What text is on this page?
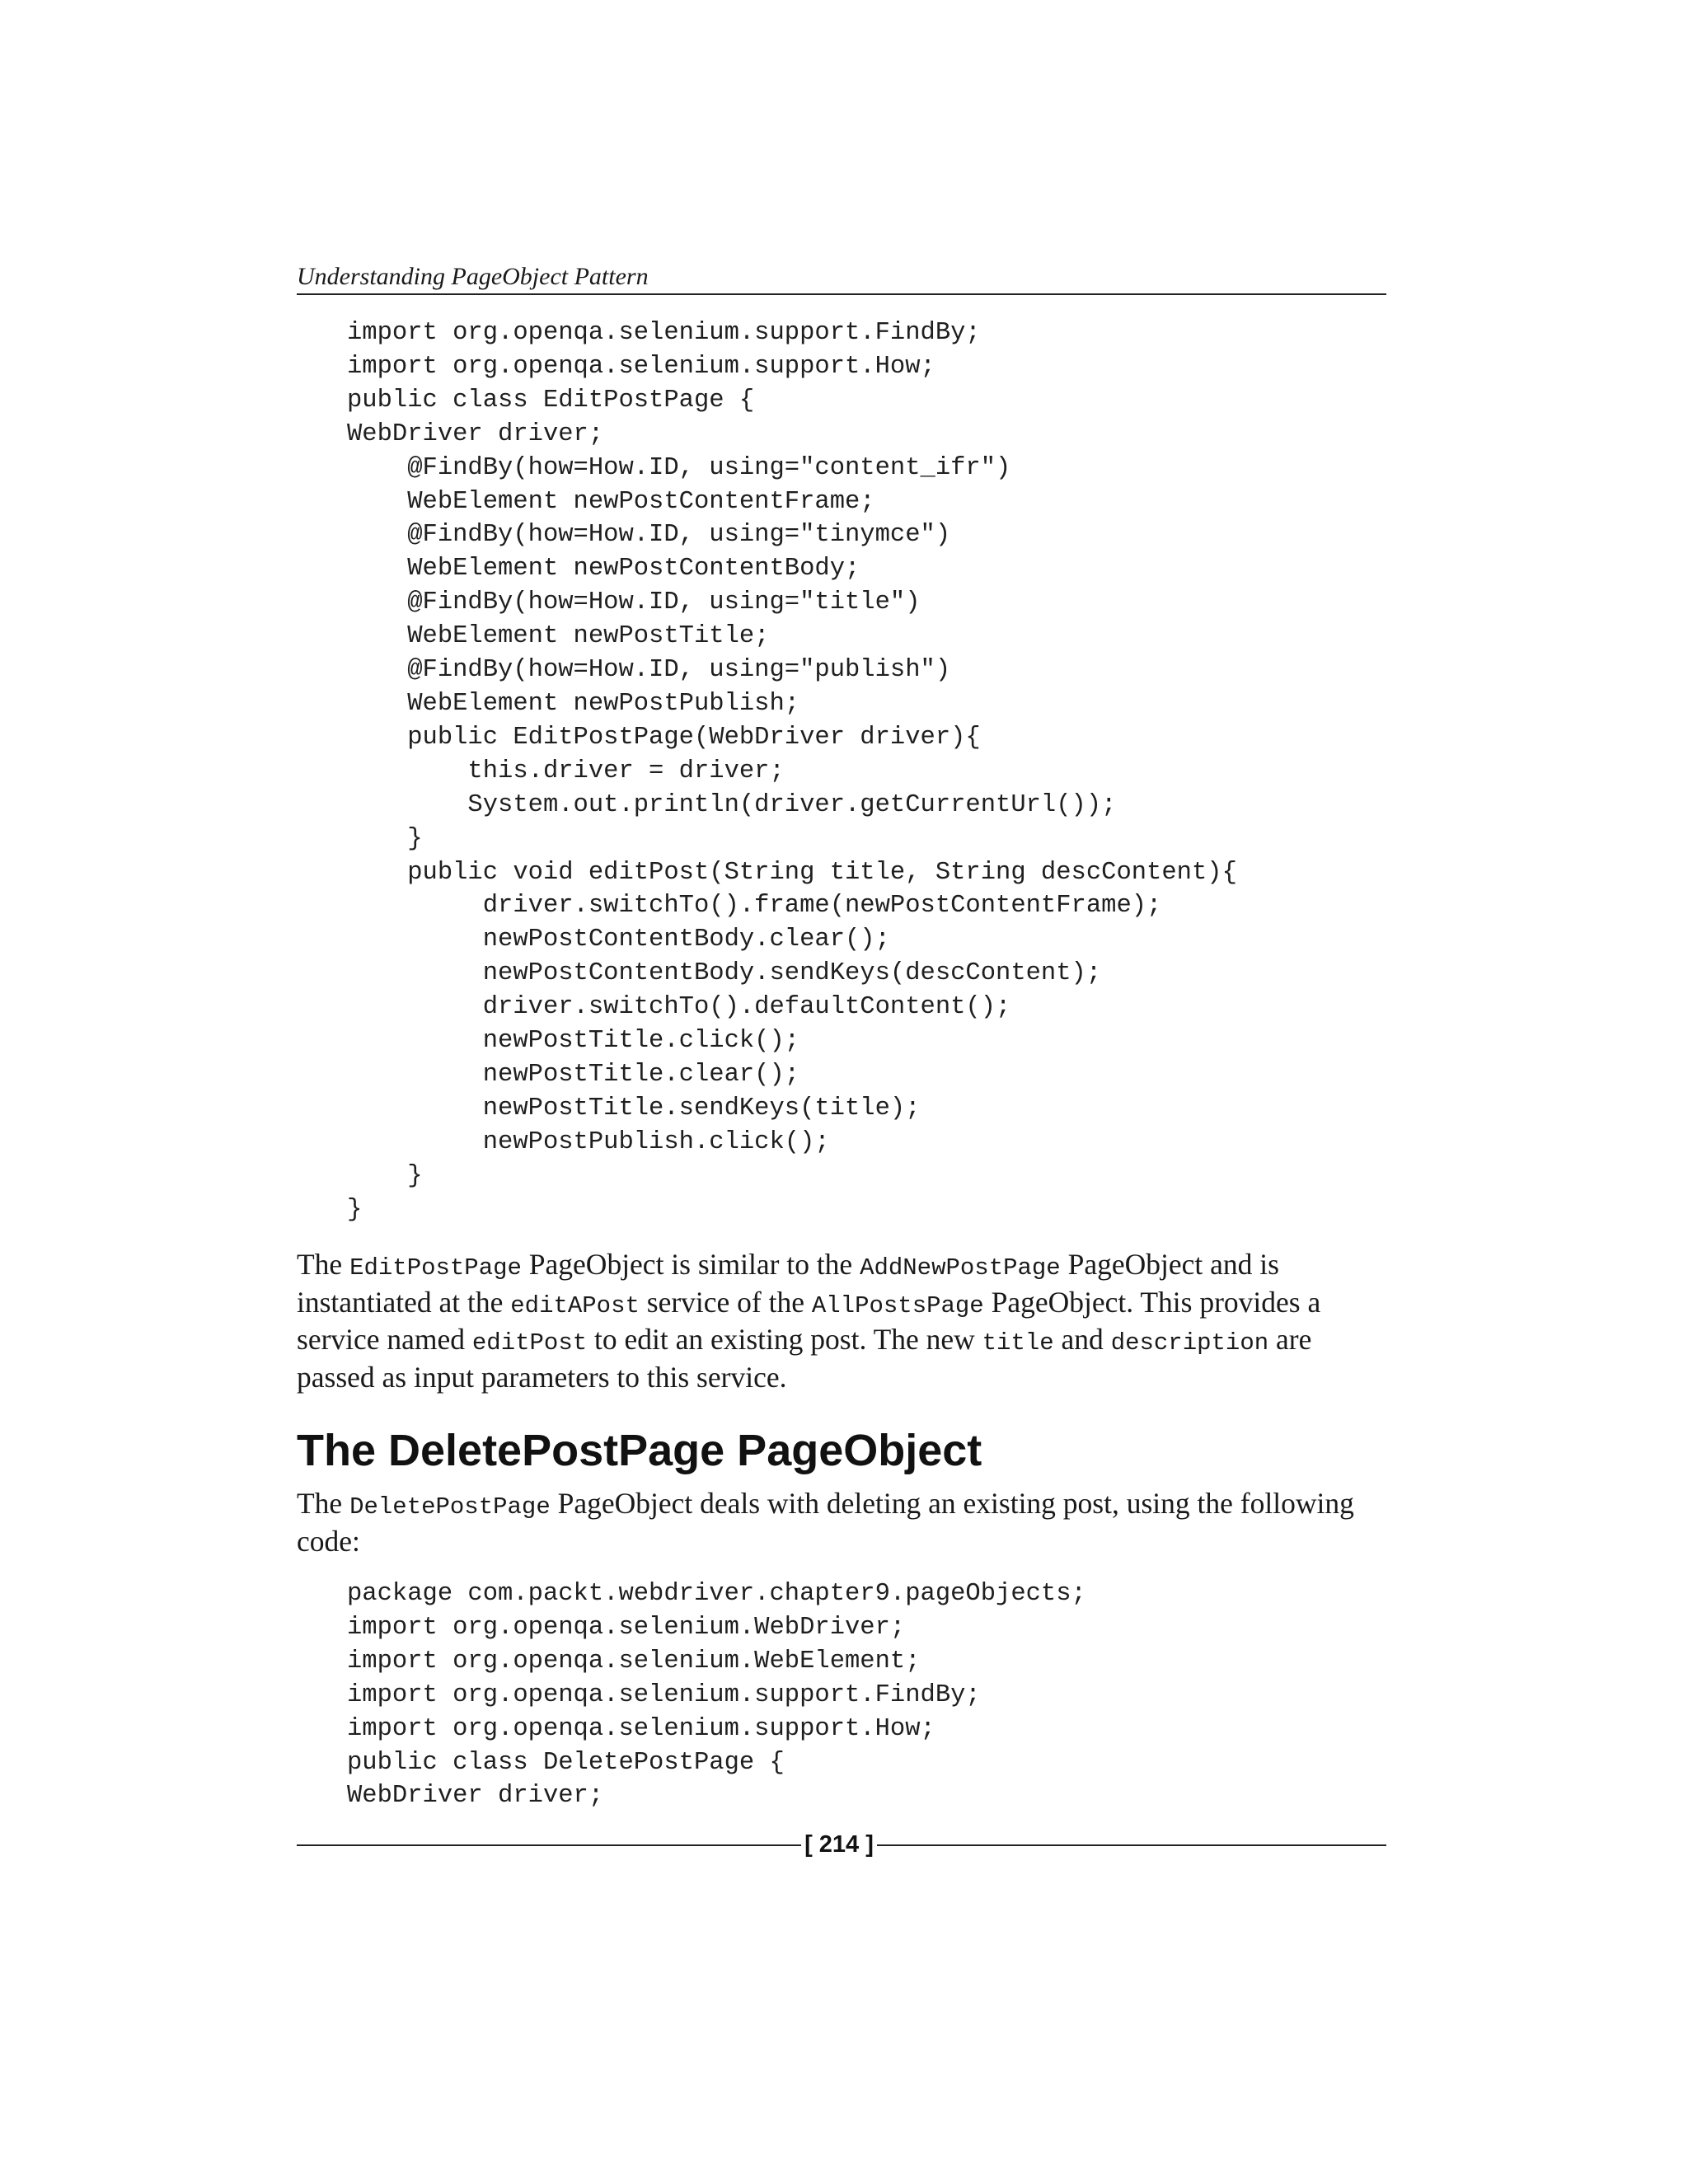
Understanding PageObject Pattern
import org.openqa.selenium.support.FindBy;
import org.openqa.selenium.support.How;
public class EditPostPage {
WebDriver driver;
@FindBy(how=How.ID, using="content_ifr")
WebElement newPostContentFrame;
@FindBy(how=How.ID, using="tinymce")
WebElement newPostContentBody;
@FindBy(how=How.ID, using="title")
WebElement newPostTitle;
@FindBy(how=How.ID, using="publish")
WebElement newPostPublish;
public EditPostPage(WebDriver driver){
this.driver = driver;
System.out.println(driver.getCurrentUrl());
}
public void editPost(String title, String descContent){
driver.switchTo().frame(newPostContentFrame);
newPostContentBody.clear();
newPostContentBody.sendKeys(descContent);
driver.switchTo().defaultContent();
newPostTitle.click();
newPostTitle.clear();
newPostTitle.sendKeys(title);
newPostPublish.click();
}
}

The EditPostPage PageObject is similar to the AddNewPostPage PageObject and is instantiated at the editAPost service of the AllPostsPage PageObject. This provides a service named editPost to edit an existing post. The new title and description are passed as input parameters to this service.

The DeletePostPage PageObject

The DeletePostPage PageObject deals with deleting an existing post, using the following code:

package com.packt.webdriver.chapter9.pageObjects;
import org.openqa.selenium.WebDriver;
import org.openqa.selenium.WebElement;
import org.openqa.selenium.support.FindBy;
import org.openqa.selenium.support.How;
public class DeletePostPage {
WebDriver driver;
[ 214 ]
